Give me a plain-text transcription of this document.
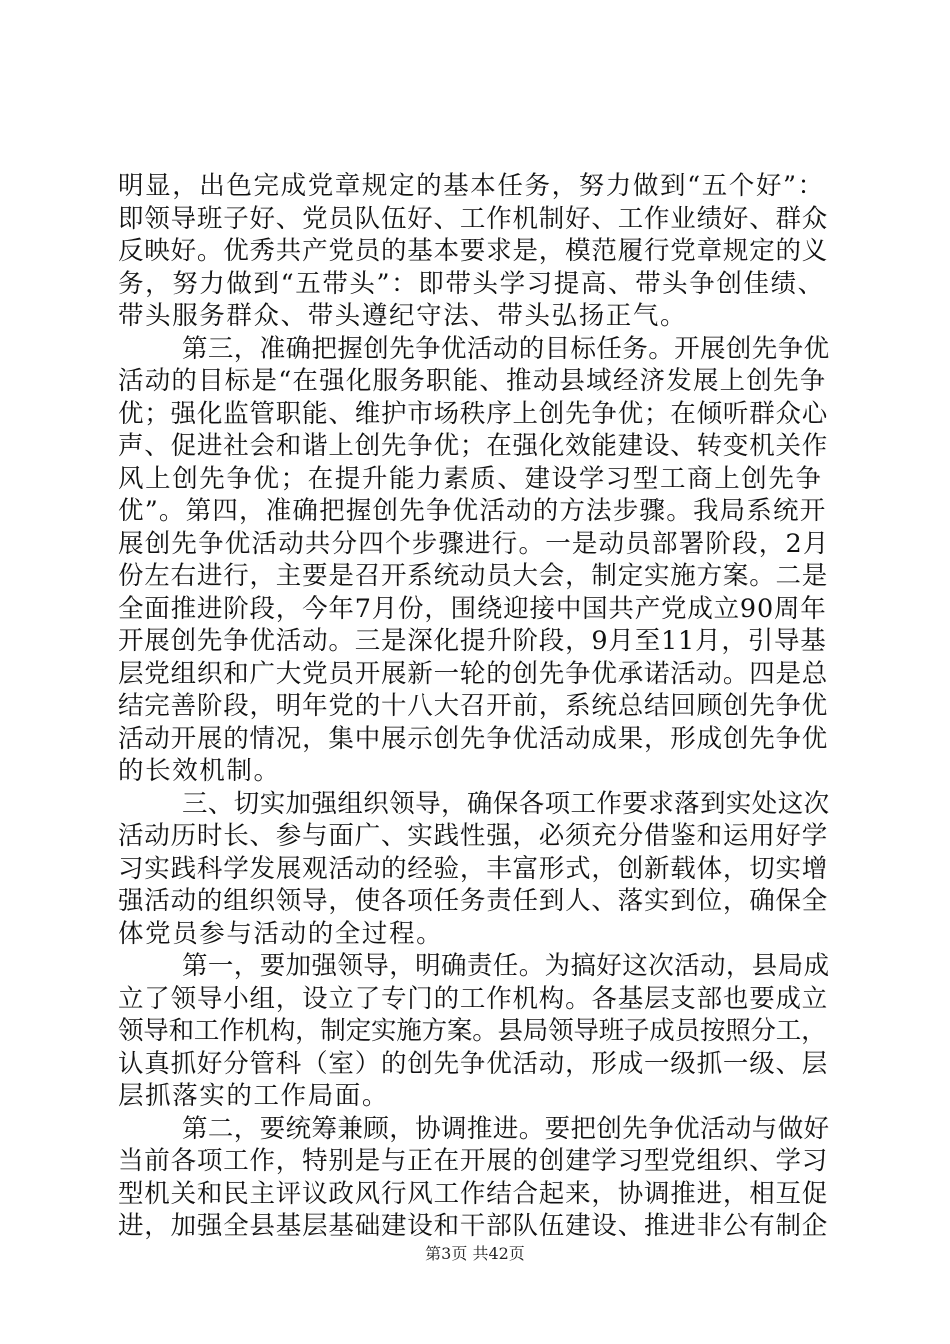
明显，出色完成党章规定的基本任务，努力做到“五个好”：
即领导班子好、党员队伍好、工作机制好、工作业绩好、群众
反映好。优秀共产党员的基本要求是，模范履行党章规定的义
务，努力做到“五带头”：即带头学习提高、带头争创佳绩、
带头服务群众、带头遵纪守法、带头弘扬正气。
第三，准确把握创先争优活动的目标任务。开展创先争优
活动的目标是“在强化服务职能、推动县域经济发展上创先争
优；强化监管职能、维护市场秩序上创先争优；在倾听群众心
声、促进社会和谐上创先争优；在强化效能建设、转变机关作
风上创先争优；在提升能力素质、建设学习型工商上创先争
优”。第四，准确把握创先争优活动的方法步骤。我局系统开
展创先争优活动共分四个步骤进行。一是动员部署阶段，2月
份左右进行，主要是召开系统动员大会，制定实施方案。二是
全面推进阶段，今年7月份，围绕迎接中国共产党成立90周年
开展创先争优活动。三是深化提升阶段，9月至11月，引导基
层党组织和广大党员开展新一轮的创先争优承诺活动。四是总
结完善阶段，明年党的十八大召开前，系统总结回顾创先争优
活动开展的情况，集中展示创先争优活动成果，形成创先争优
的长效机制。
三、切实加强组织领导，确保各项工作要求落到实处这次
活动历时长、参与面广、实践性强，必须充分借鉴和运用好学
习实践科学发展观活动的经验，丰富形式，创新载体，切实增
强活动的组织领导，使各项任务责任到人、落实到位，确保全
体党员参与活动的全过程。
第一，要加强领导，明确责任。为搞好这次活动，县局成
立了领导小组，设立了专门的工作机构。各基层支部也要成立
领导和工作机构，制定实施方案。县局领导班子成员按照分工，
认真抓好分管科（室）的创先争优活动，形成一级抓一级、层
层抓落实的工作局面。
第二，要统筹兼顾，协调推进。要把创先争优活动与做好
当前各项工作，特别是与正在开展的创建学习型党组织、学习
型机关和民主评议政风行风工作结合起来，协调推进，相互促
进，加强全县基层基础建设和干部队伍建设、推进非公有制企
第3页 共42页
